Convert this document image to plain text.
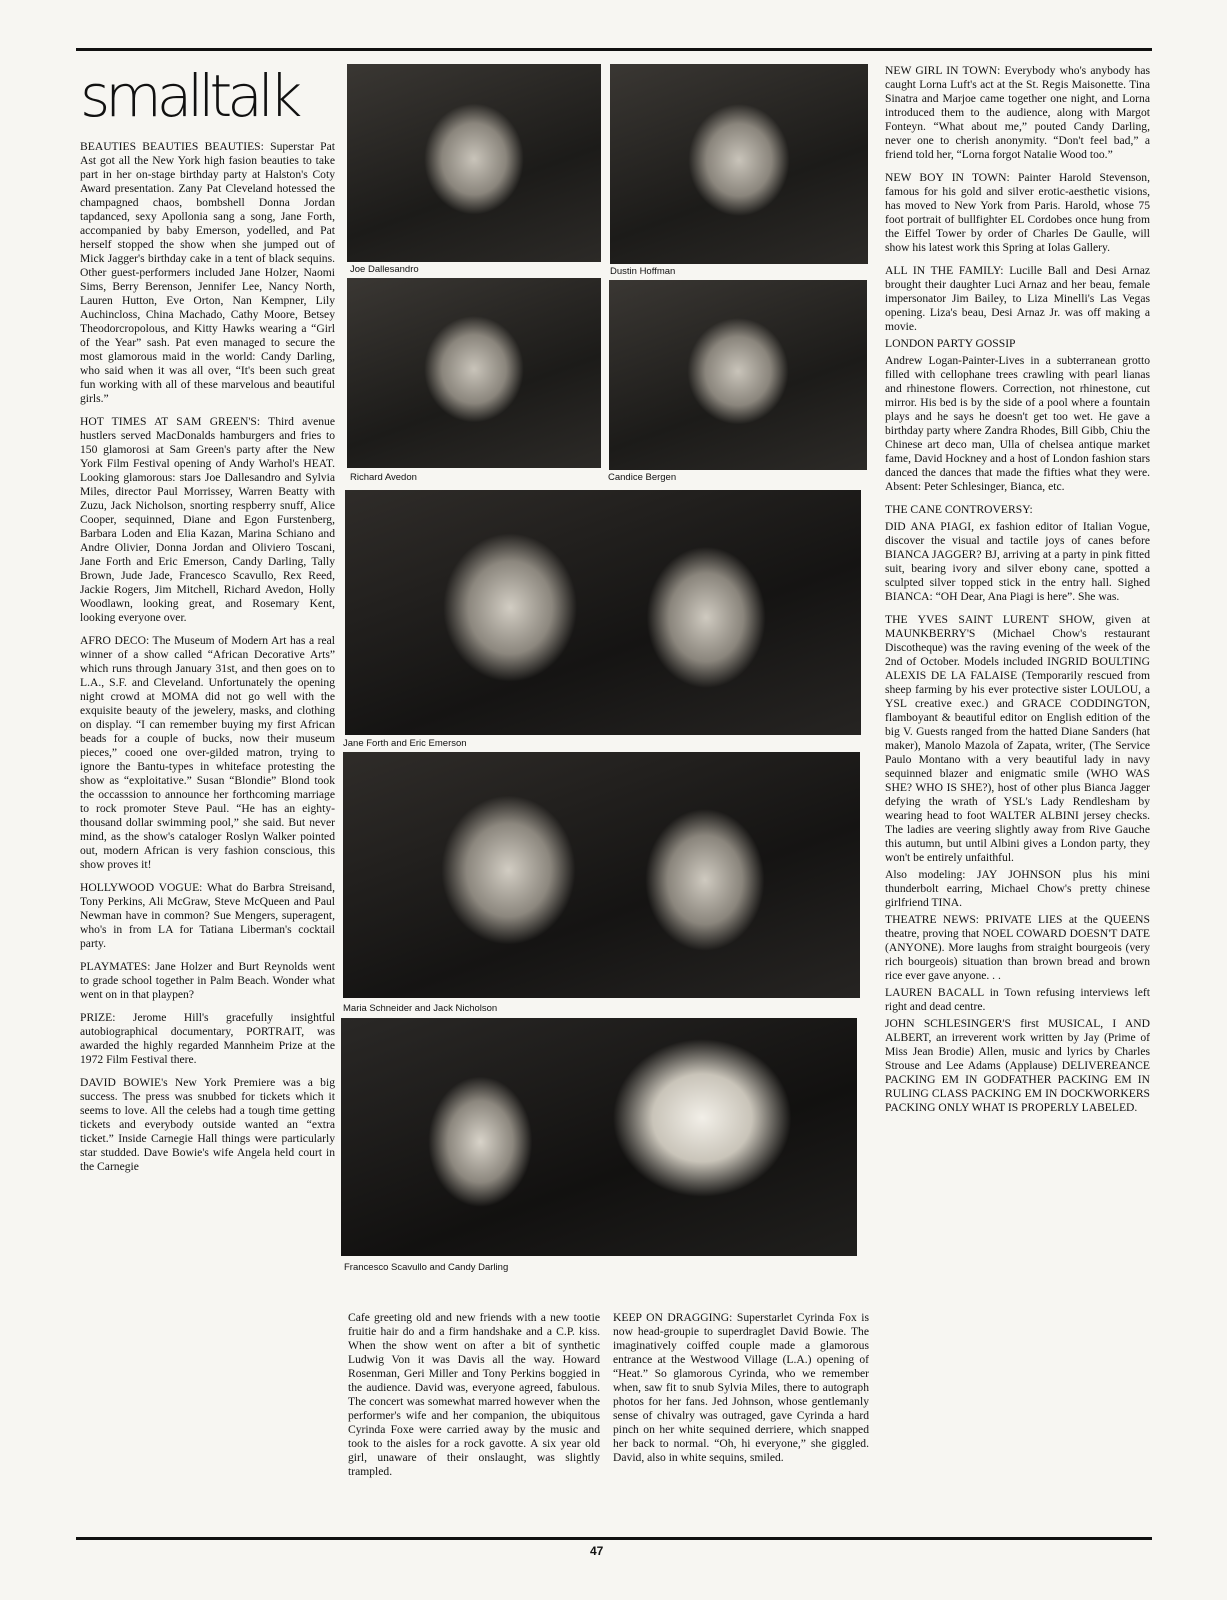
smalltalk

BEAUTIES BEAUTIES BEAUTIES: Superstar Pat Ast got all the New York high fasion beauties to take part in her on-stage birthday party at Halston's Coty Award presentation. Zany Pat Cleveland hotessed the champagned chaos, bombshell Donna Jordan tapdanced, sexy Apollonia sang a song, Jane Forth, accompanied by baby Emerson, yodelled, and Pat herself stopped the show when she jumped out of Mick Jagger's birthday cake in a tent of black sequins. Other guest-performers included Jane Holzer, Naomi Sims, Berry Berenson, Jennifer Lee, Nancy North, Lauren Hutton, Eve Orton, Nan Kempner, Lily Auchincloss, China Machado, Cathy Moore, Betsey Theodorcropolous, and Kitty Hawks wearing a “Girl of the Year” sash. Pat even managed to secure the most glamorous maid in the world: Candy Darling, who said when it was all over, “It's been such great fun working with all of these marvelous and beautiful girls.”

HOT TIMES AT SAM GREEN'S: Third avenue hustlers served MacDonalds hamburgers and fries to 150 glamorosi at Sam Green's party after the New York Film Festival opening of Andy Warhol's HEAT. Looking glamorous: stars Joe Dallesandro and Sylvia Miles, director Paul Morrissey, Warren Beatty with Zuzu, Jack Nicholson, snorting respberry snuff, Alice Cooper, sequinned, Diane and Egon Furstenberg, Barbara Loden and Elia Kazan, Marina Schiano and Andre Olivier, Donna Jordan and Oliviero Toscani, Jane Forth and Eric Emerson, Candy Darling, Tally Brown, Jude Jade, Francesco Scavullo, Rex Reed, Jackie Rogers, Jim Mitchell, Richard Avedon, Holly Woodlawn, looking great, and Rosemary Kent, looking everyone over.

AFRO DECO: The Museum of Modern Art has a real winner of a show called “African Decorative Arts” which runs through January 31st, and then goes on to L.A., S.F. and Cleveland. Unfortunately the opening night crowd at MOMA did not go well with the exquisite beauty of the jewelery, masks, and clothing on display. “I can remember buying my first African beads for a couple of bucks, now their museum pieces,” cooed one over-gilded matron, trying to ignore the Bantu-types in whiteface protesting the show as “exploitative.” Susan “Blondie” Blond took the occasssion to announce her forthcoming marriage to rock promoter Steve Paul. “He has an eighty-thousand dollar swimming pool,” she said. But never mind, as the show's cataloger Roslyn Walker pointed out, modern African is very fashion conscious, this show proves it!

HOLLYWOOD VOGUE: What do Barbra Streisand, Tony Perkins, Ali McGraw, Steve McQueen and Paul Newman have in common? Sue Mengers, superagent, who's in from LA for Tatiana Liberman's cocktail party.

PLAYMATES: Jane Holzer and Burt Reynolds went to grade school together in Palm Beach. Wonder what went on in that playpen?

PRIZE: Jerome Hill's gracefully insightful autobiographical documentary, PORTRAIT, was awarded the highly regarded Mannheim Prize at the 1972 Film Festival there.

DAVID BOWIE's New York Premiere was a big success. The press was snubbed for tickets which it seems to love. All the celebs had a tough time getting tickets and everybody outside wanted an “extra ticket.” Inside Carnegie Hall things were particularly star studded. Dave Bowie's wife Angela held court in the Carnegie

Joe Dallesandro	Dustin Hoffman
Richard Avedon	Candice Bergen
Jane Forth and Eric Emerson
Maria Schneider and Jack Nicholson
Francesco Scavullo and Candy Darling

Cafe greeting old and new friends with a new tootie fruitie hair do and a firm handshake and a C.P. kiss. When the show went on after a bit of synthetic Ludwig Von it was Davis all the way. Howard Rosenman, Geri Miller and Tony Perkins boggied in the audience. David was, everyone agreed, fabulous. The concert was somewhat marred however when the performer's wife and her companion, the ubiquitous Cyrinda Foxe were carried away by the music and took to the aisles for a rock gavotte. A six year old girl, unaware of their onslaught, was slightly trampled.

KEEP ON DRAGGING: Superstarlet Cyrinda Fox is now head-groupie to superdraglet David Bowie. The imaginatively coiffed couple made a glamorous entrance at the Westwood Village (L.A.) opening of “Heat.” So glamorous Cyrinda, who we remember when, saw fit to snub Sylvia Miles, there to autograph photos for her fans. Jed Johnson, whose gentlemanly sense of chivalry was outraged, gave Cyrinda a hard pinch on her white sequined derriere, which snapped her back to normal. “Oh, hi everyone,” she giggled. David, also in white sequins, smiled.

NEW GIRL IN TOWN: Everybody who's anybody has caught Lorna Luft's act at the St. Regis Maisonette. Tina Sinatra and Marjoe came together one night, and Lorna introduced them to the audience, along with Margot Fonteyn. “What about me,” pouted Candy Darling, never one to cherish anonymity. “Don't feel bad,” a friend told her, “Lorna forgot Natalie Wood too.”

NEW BOY IN TOWN: Painter Harold Stevenson, famous for his gold and silver erotic-aesthetic visions, has moved to New York from Paris. Harold, whose 75 foot portrait of bullfighter EL Cordobes once hung from the Eiffel Tower by order of Charles De Gaulle, will show his latest work this Spring at Iolas Gallery.

ALL IN THE FAMILY: Lucille Ball and Desi Arnaz brought their daughter Luci Arnaz and her beau, female impersonator Jim Bailey, to Liza Minelli's Las Vegas opening. Liza's beau, Desi Arnaz Jr. was off making a movie.

LONDON PARTY GOSSIP

Andrew Logan-Painter-Lives in a subterranean grotto filled with cellophane trees crawling with pearl lianas and rhinestone flowers. Correction, not rhinestone, cut mirror. His bed is by the side of a pool where a fountain plays and he says he doesn't get too wet. He gave a birthday party where Zandra Rhodes, Bill Gibb, Chiu the Chinese art deco man, Ulla of chelsea antique market fame, David Hockney and a host of London fashion stars danced the dances that made the fifties what they were. Absent: Peter Schlesinger, Bianca, etc.

THE CANE CONTROVERSY:

DID ANA PIAGI, ex fashion editor of Italian Vogue, discover the visual and tactile joys of canes before BIANCA JAGGER? BJ, arriving at a party in pink fitted suit, bearing ivory and silver ebony cane, spotted a sculpted silver topped stick in the entry hall. Sighed BIANCA: “OH Dear, Ana Piagi is here”. She was.

THE YVES SAINT LURENT SHOW, given at MAUNKBERRY'S (Michael Chow's restaurant Discotheque) was the raving evening of the week of the 2nd of October. Models included INGRID BOULTING ALEXIS DE LA FALAISE (Temporarily rescued from sheep farming by his ever protective sister LOULOU, a YSL creative exec.) and GRACE CODDINGTON, flamboyant & beautiful editor on English edition of the big V. Guests ranged from the hatted Diane Sanders (hat maker), Manolo Mazola of Zapata, writer, (The Service Paulo Montano with a very beautiful lady in navy sequinned blazer and enigmatic smile (WHO WAS SHE? WHO IS SHE?), host of other plus Bianca Jagger defying the wrath of YSL's Lady Rendlesham by wearing head to foot WALTER ALBINI jersey checks. The ladies are veering slightly away from Rive Gauche this autumn, but until Albini gives a London party, they won't be entirely unfaithful.

Also modeling: JAY JOHNSON plus his mini thunderbolt earring, Michael Chow's pretty chinese girlfriend TINA.

THEATRE NEWS: PRIVATE LIES at the QUEENS theatre, proving that NOEL COWARD DOESN'T DATE (ANYONE). More laughs from straight bourgeois (very rich bourgeois) situation than brown bread and brown rice ever gave anyone. . .

LAUREN BACALL in Town refusing interviews left right and dead centre.

JOHN SCHLESINGER'S first MUSICAL, I AND ALBERT, an irreverent work written by Jay (Prime of Miss Jean Brodie) Allen, music and lyrics by Charles Strouse and Lee Adams (Applause) DELIVEREANCE PACKING EM IN GODFATHER PACKING EM IN RULING CLASS PACKING EM IN DOCKWORKERS PACKING ONLY WHAT IS PROPERLY LABELED.

47
